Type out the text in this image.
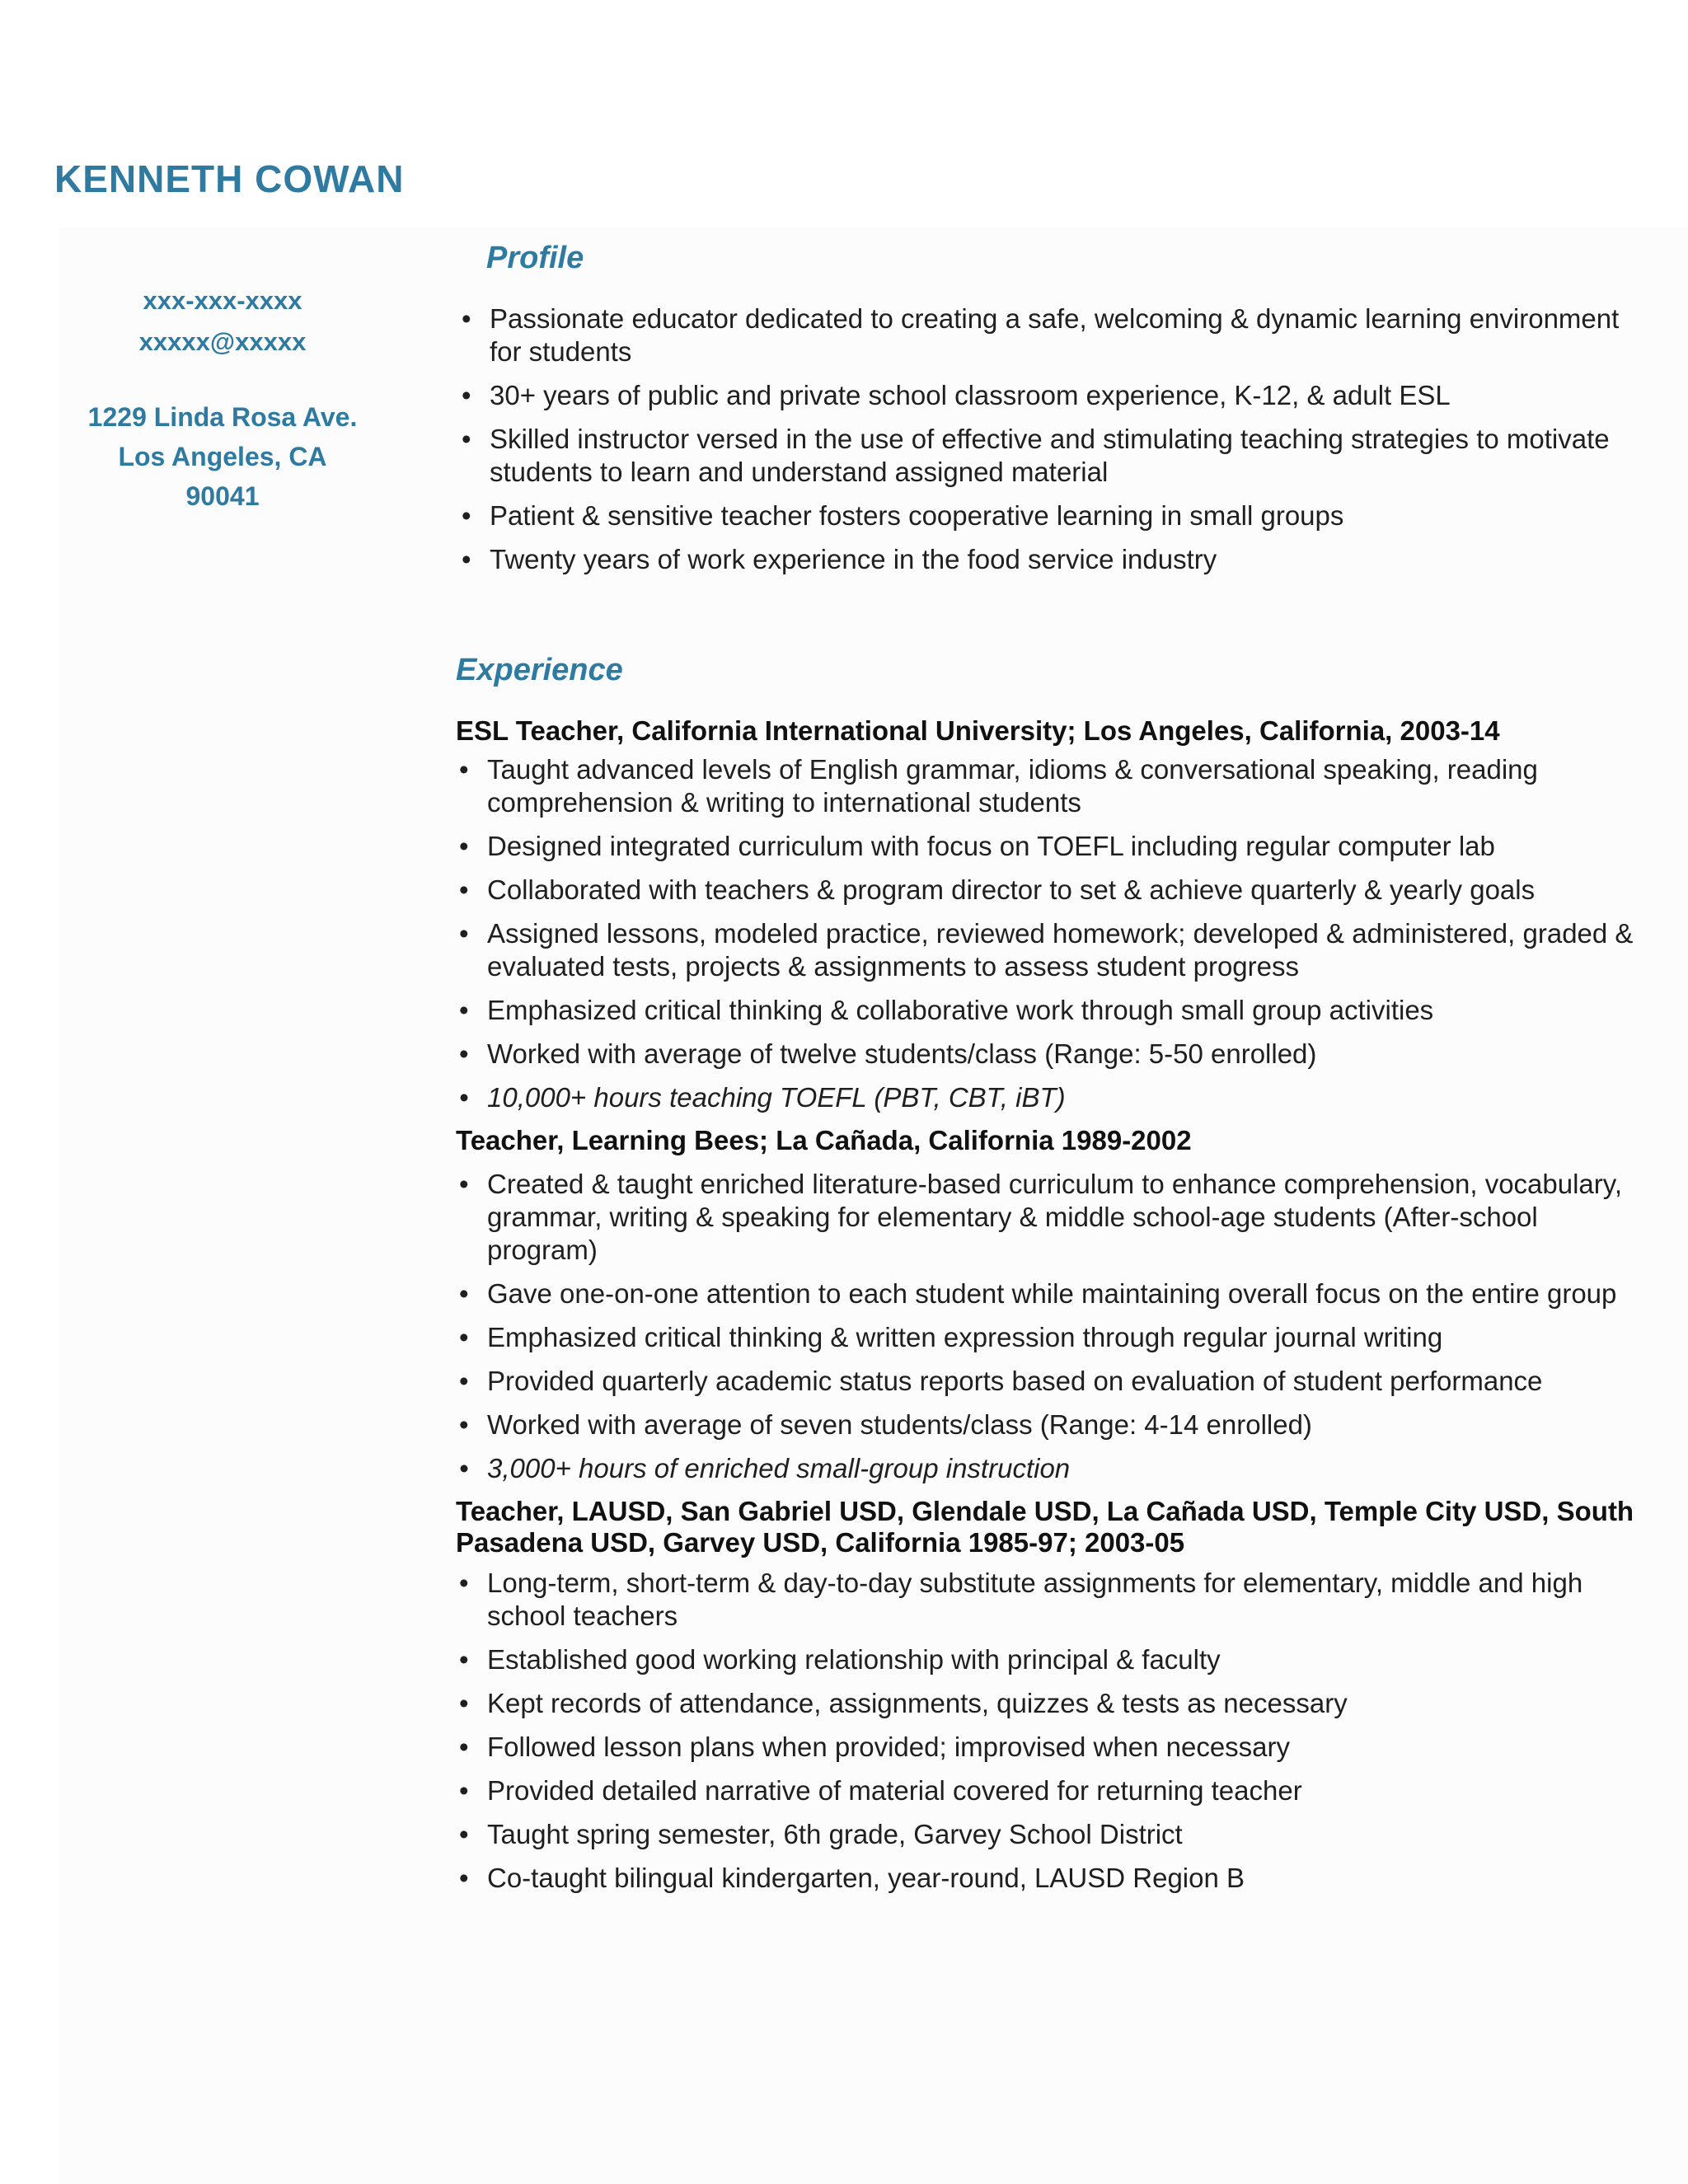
KENNETH COWAN
xxx-xxx-xxxx
xxxxx@xxxxx
1229 Linda Rosa Ave.
Los Angeles, CA
90041
Profile
• Passionate educator dedicated to creating a safe, welcoming & dynamic learning environment for students
• 30+ years of public and private school classroom experience, K-12, & adult ESL
• Skilled instructor versed in the use of effective and stimulating teaching strategies to motivate students to learn and understand assigned material
• Patient & sensitive teacher fosters cooperative learning in small groups
• Twenty years of work experience in the food service industry
Experience

ESL Teacher, California International University; Los Angeles, California, 2003-14

• Taught advanced levels of English grammar, idioms & conversational speaking, reading comprehension & writing to international students
• Designed integrated curriculum with focus on TOEFL including regular computer lab
• Collaborated with teachers & program director to set & achieve quarterly & yearly goals
• Assigned lessons, modeled practice, reviewed homework; developed & administered, graded & evaluated tests, projects & assignments to assess student progress
• Emphasized critical thinking & collaborative work through small group activities
• Worked with average of twelve students/class (Range: 5-50 enrolled)
• 10,000+ hours teaching TOEFL (PBT, CBT, iBT)

Teacher, Learning Bees; La Cañada, California 1989-2002

• Created & taught enriched literature-based curriculum to enhance comprehension, vocabulary, grammar, writing & speaking for elementary & middle school-age students (After-school program)
• Gave one-on-one attention to each student while maintaining overall focus on the entire group
• Emphasized critical thinking & written expression through regular journal writing
• Provided quarterly academic status reports based on evaluation of student performance
• Worked with average of seven students/class (Range: 4-14 enrolled)
• 3,000+ hours of enriched small-group instruction

Teacher, LAUSD, San Gabriel USD, Glendale USD, La Cañada USD, Temple City USD, South Pasadena USD, Garvey USD, California 1985-97; 2003-05

• Long-term, short-term & day-to-day substitute assignments for elementary, middle and high school teachers
• Established good working relationship with principal & faculty
• Kept records of attendance, assignments, quizzes & tests as necessary
• Followed lesson plans when provided; improvised when necessary
• Provided detailed narrative of material covered for returning teacher
• Taught spring semester, 6th grade, Garvey School District
• Co-taught bilingual kindergarten, year-round, LAUSD Region B
